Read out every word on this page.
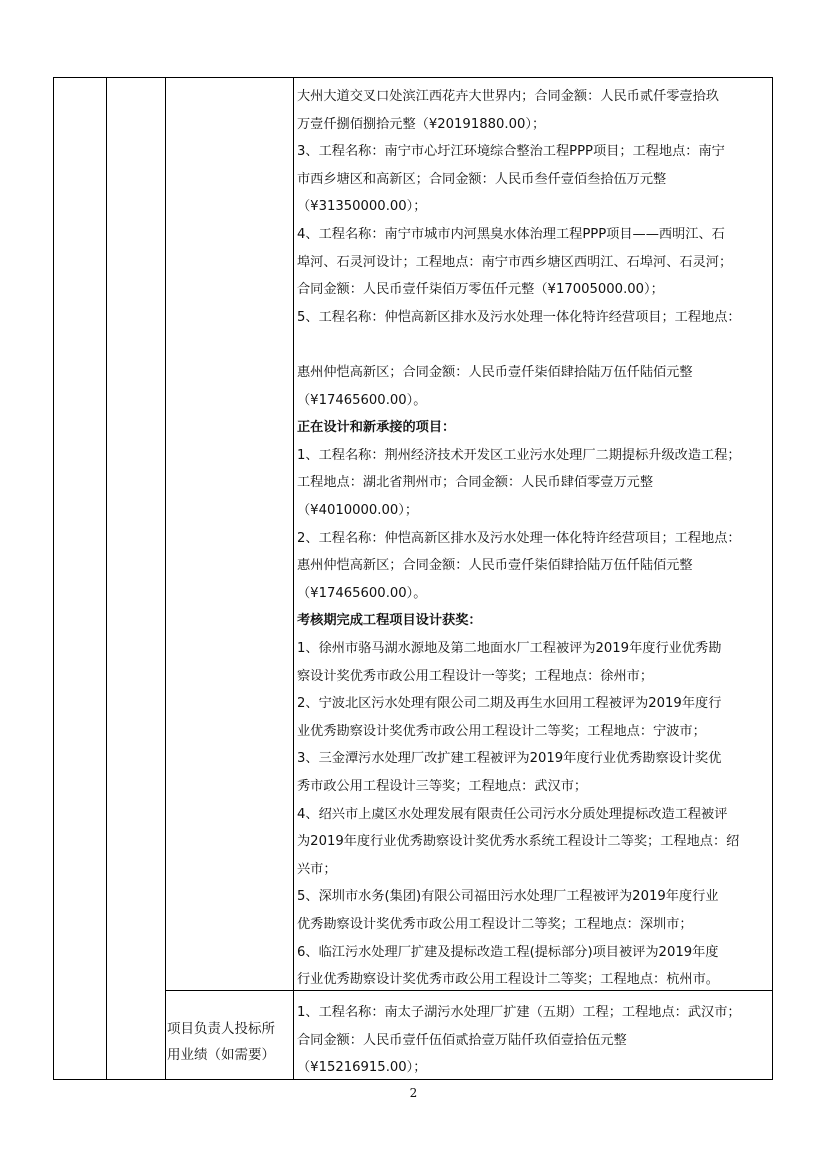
大州大道交叉口处滨江西花卉大世界内；合同金额：人民币贰仟零壹拾玖
万壹仟捌佰捌拾元整（¥20191880.00）；
3、工程名称：南宁市心圩江环境综合整治工程PPP项目；工程地点：南宁
市西乡塘区和高新区；合同金额：人民币叁仟壹佰叁拾伍万元整
（¥31350000.00）；
4、工程名称：南宁市城市内河黑臭水体治理工程PPP项目——西明江、石
埠河、石灵河设计；工程地点：南宁市西乡塘区西明江、石埠河、石灵河；
合同金额：人民币壹仟柒佰万零伍仟元整（¥17005000.00）；
5、工程名称：仲恺高新区排水及污水处理一体化特许经营项目；工程地点：
惠州仲恺高新区；合同金额：人民币壹仟柒佰肆拾陆万伍仟陆佰元整
（¥17465600.00）。
正在设计和新承接的项目：
1、工程名称：荆州经济技术开发区工业污水处理厂二期提标升级改造工程；
工程地点：湖北省荆州市；合同金额：人民币肆佰零壹万元整
（¥4010000.00）；
2、工程名称：仲恺高新区排水及污水处理一体化特许经营项目；工程地点：
惠州仲恺高新区；合同金额：人民币壹仟柒佰肆拾陆万伍仟陆佰元整
（¥17465600.00）。
考核期完成工程项目设计获奖：
1、徐州市骆马湖水源地及第二地面水厂工程被评为2019年度行业优秀勘
察设计奖优秀市政公用工程设计一等奖；工程地点：徐州市；
2、宁波北区污水处理有限公司二期及再生水回用工程被评为2019年度行
业优秀勘察设计奖优秀市政公用工程设计二等奖；工程地点：宁波市；
3、三金潭污水处理厂改扩建工程被评为2019年度行业优秀勘察设计奖优
秀市政公用工程设计三等奖；工程地点：武汉市；
4、绍兴市上虞区水处理发展有限责任公司污水分质处理提标改造工程被评
为2019年度行业优秀勘察设计奖优秀水系统工程设计二等奖；工程地点：绍
兴市；
5、深圳市水务(集团)有限公司福田污水处理厂工程被评为2019年度行业
优秀勘察设计奖优秀市政公用工程设计二等奖；工程地点：深圳市；
6、临江污水处理厂扩建及提标改造工程(提标部分)项目被评为2019年度
行业优秀勘察设计奖优秀市政公用工程设计二等奖；工程地点：杭州市。
项目负责人投标所
用业绩（如需要）
1、工程名称：南太子湖污水处理厂扩建（五期）工程；工程地点：武汉市；
合同金额：人民币壹仟伍佰贰拾壹万陆仟玖佰壹拾伍元整
（¥15216915.00）；
2
